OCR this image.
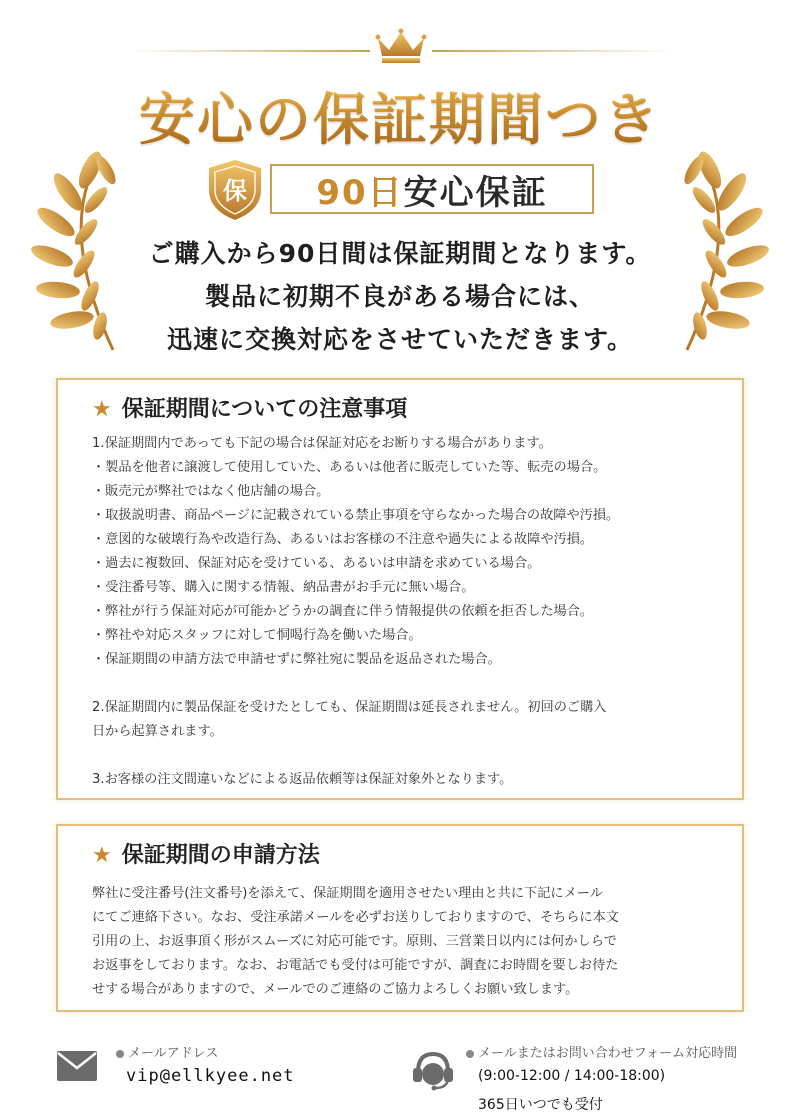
安心の保証期間つき
保 90日 安心保証
ご購入から90日間は保証期間となります。
製品に初期不良がある場合には、
迅速に交換対応をさせていただきます。
★ 保証期間についての注意事項
1.保証期間内であっても下記の場合は保証対応をお断りする場合があります。
・製品を他者に譲渡して使用していた、あるいは他者に販売していた等、転売の場合。
・販売元が弊社ではなく他店舗の場合。
・取扱説明書、商品ページに記載されている禁止事項を守らなかった場合の故障や汚損。
・意図的な破壊行為や改造行為、あるいはお客様の不注意や過失による故障や汚損。
・過去に複数回、保証対応を受けている、あるいは申請を求めている場合。
・受注番号等、購入に関する情報、納品書がお手元に無い場合。
・弊社が行う保証対応が可能かどうかの調査に伴う情報提供の依頼を拒否した場合。
・弊社や対応スタッフに対して恫喝行為を働いた場合。
・保証期間の申請方法で申請せずに弊社宛に製品を返品された場合。
2.保証期間内に製品保証を受けたとしても、保証期間は延長されません。初回のご購入
日から起算されます。
3.お客様の注文間違いなどによる返品依頼等は保証対象外となります。
★ 保証期間の申請方法
弊社に受注番号(注文番号)を添えて、保証期間を適用させたい理由と共に下記にメール
にてご連絡下さい。なお、受注承諾メールを必ずお送りしておりますので、そちらに本文
引用の上、お返事頂く形がスムーズに対応可能です。原則、三営業日以内には何かしらで
お返事をしております。なお、お電話でも受付は可能ですが、調査にお時間を要しお待た
せする場合がありますので、メールでのご連絡のご協力よろしくお願い致します。
メールアドレス
vip@ellkyee.net
メールまたはお問い合わせフォーム対応時間
(9:00-12:00 / 14:00-18:00)
365日いつでも受付
